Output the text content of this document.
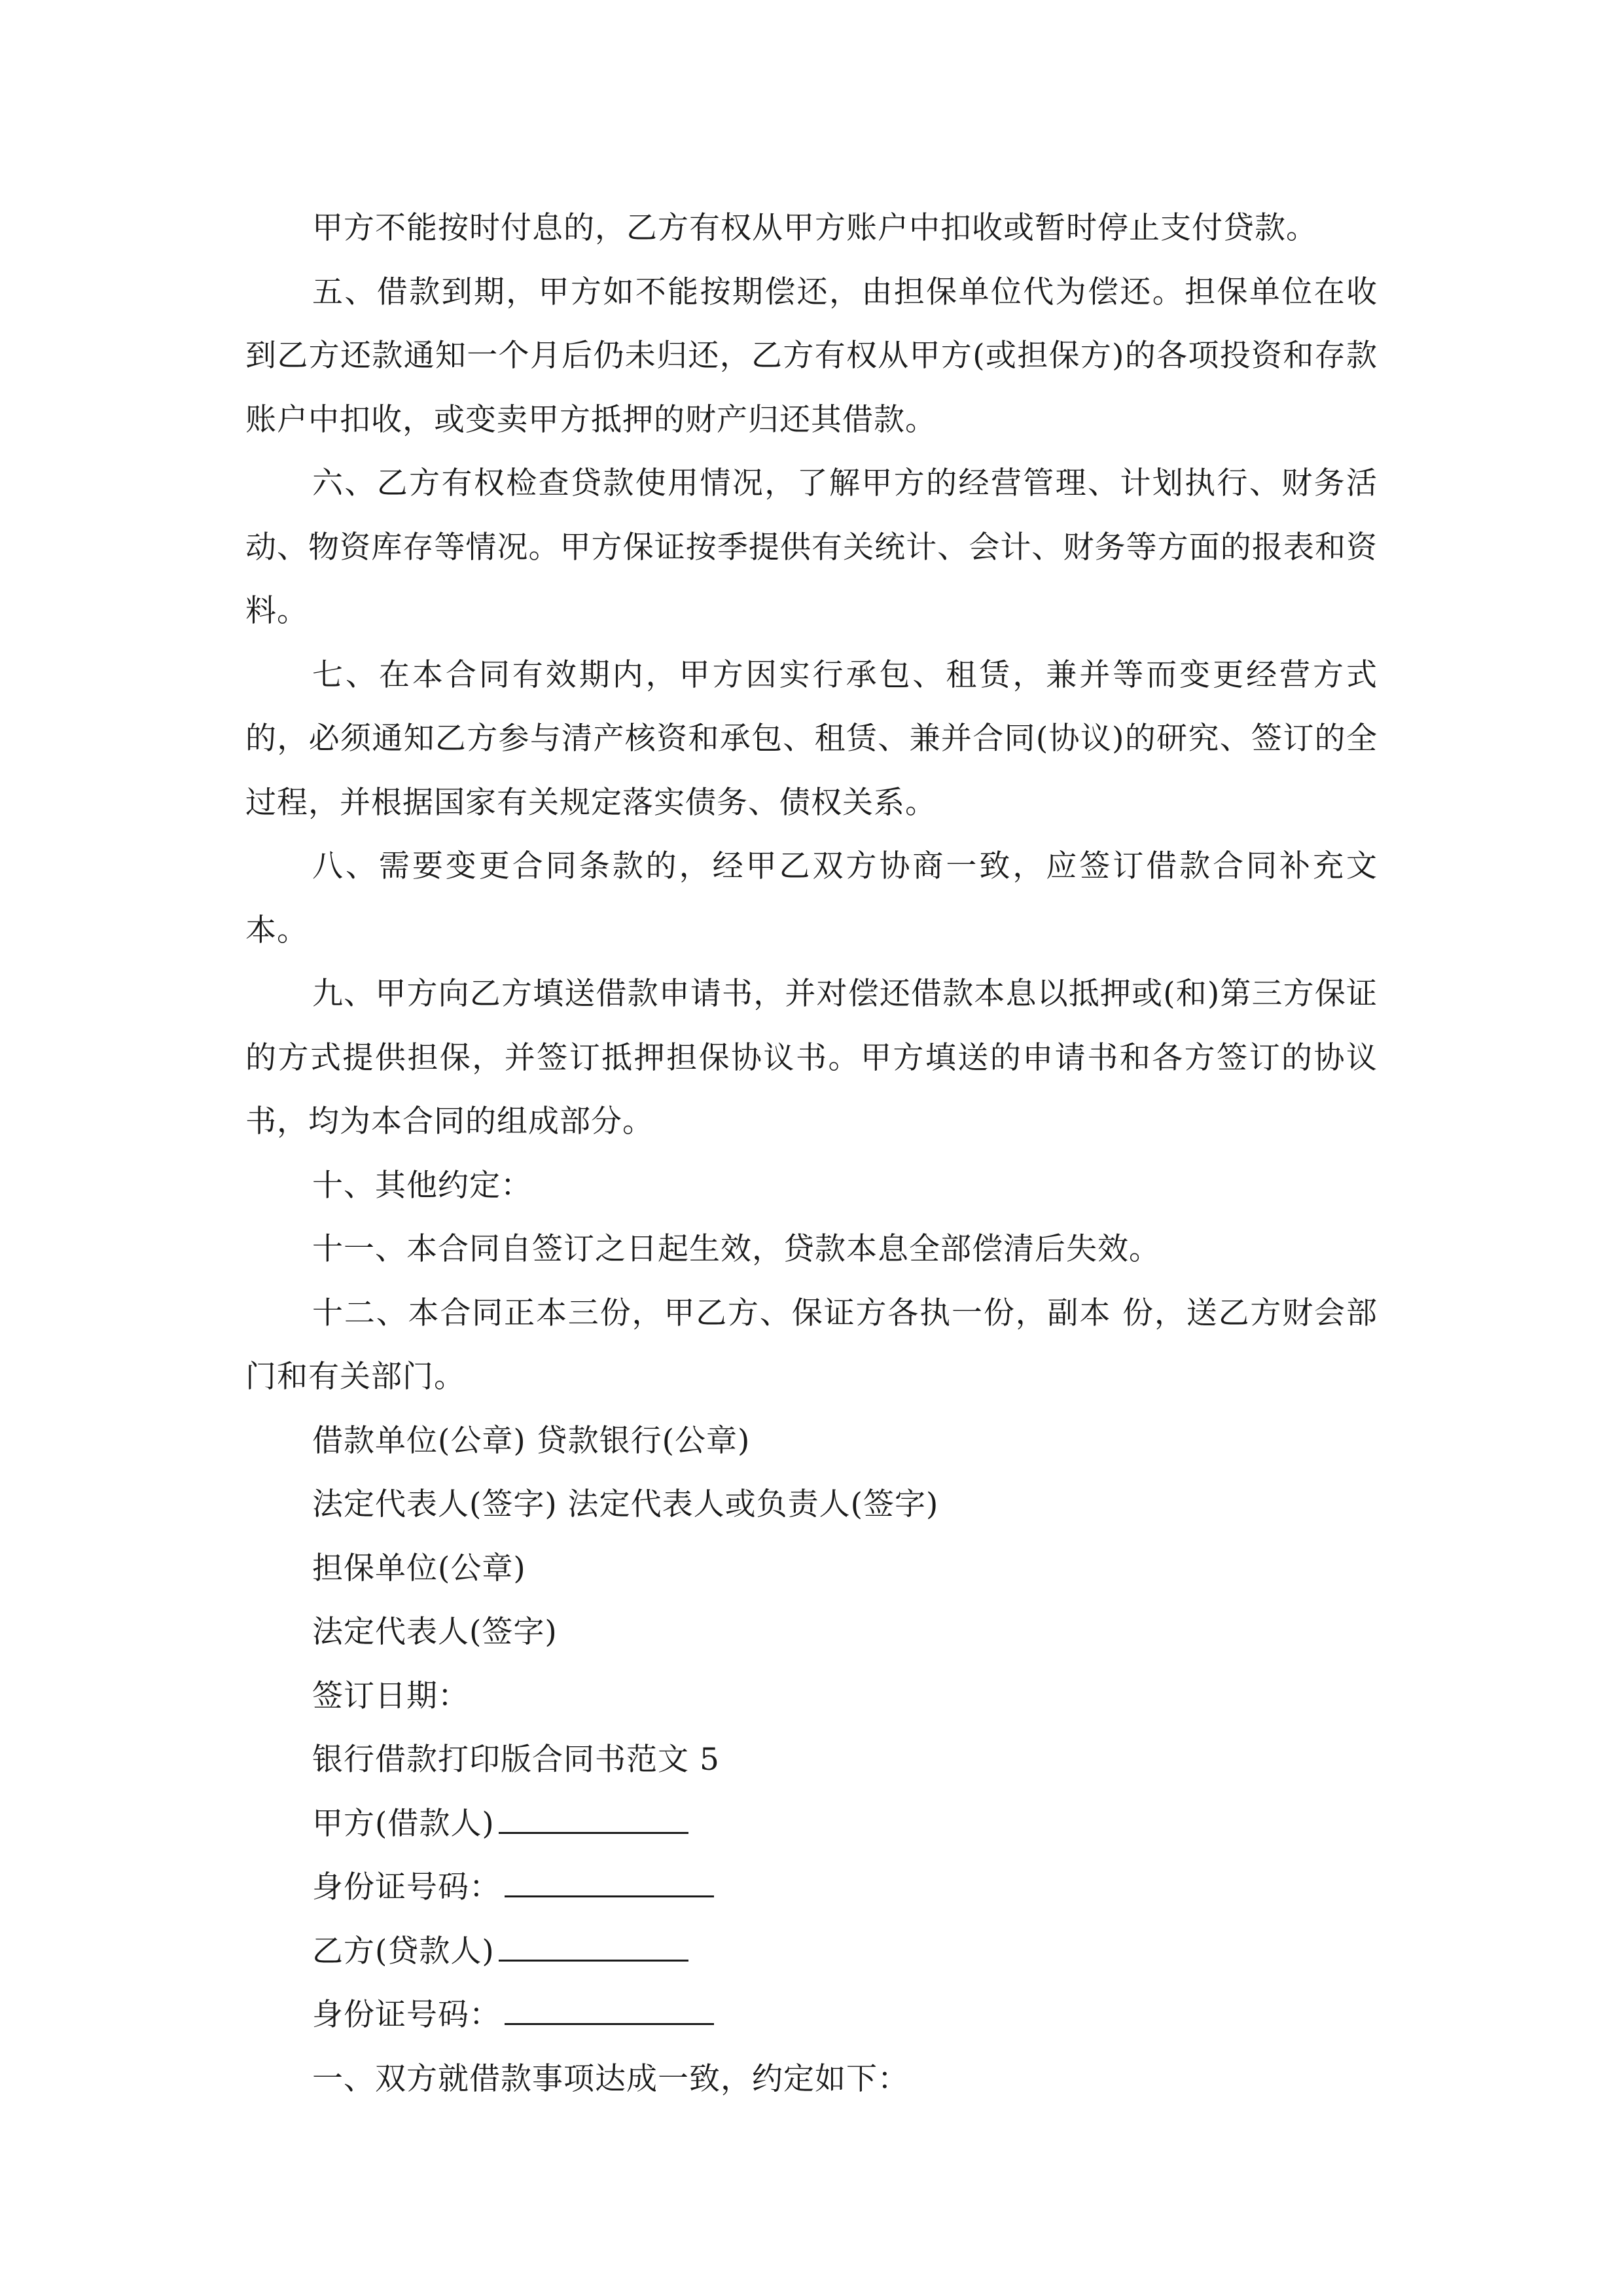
甲方不能按时付息的，乙方有权从甲方账户中扣收或暂时停止支付贷款。

五、借款到期，甲方如不能按期偿还，由担保单位代为偿还。担保单位在收到乙方还款通知一个月后仍未归还，乙方有权从甲方(或担保方)的各项投资和存款账户中扣收，或变卖甲方抵押的财产归还其借款。

六、乙方有权检查贷款使用情况，了解甲方的经营管理、计划执行、财务活动、物资库存等情况。甲方保证按季提供有关统计、会计、财务等方面的报表和资料。

七、在本合同有效期内，甲方因实行承包、租赁，兼并等而变更经营方式的，必须通知乙方参与清产核资和承包、租赁、兼并合同(协议)的研究、签订的全过程，并根据国家有关规定落实债务、债权关系。

八、需要变更合同条款的，经甲乙双方协商一致，应签订借款合同补充文本。

九、甲方向乙方填送借款申请书，并对偿还借款本息以抵押或(和)第三方保证的方式提供担保，并签订抵押担保协议书。甲方填送的申请书和各方签订的协议书，均为本合同的组成部分。

十、其他约定：

十一、本合同自签订之日起生效，贷款本息全部偿清后失效。

十二、本合同正本三份，甲乙方、保证方各执一份，副本 份，送乙方财会部门和有关部门。

借款单位(公章) 贷款银行(公章)

法定代表人(签字) 法定代表人或负责人(签字)

担保单位(公章)

法定代表人(签字)

签订日期：

银行借款打印版合同书范文 5

甲方(借款人)

身份证号码：

乙方(贷款人)

身份证号码：

一、双方就借款事项达成一致，约定如下：
